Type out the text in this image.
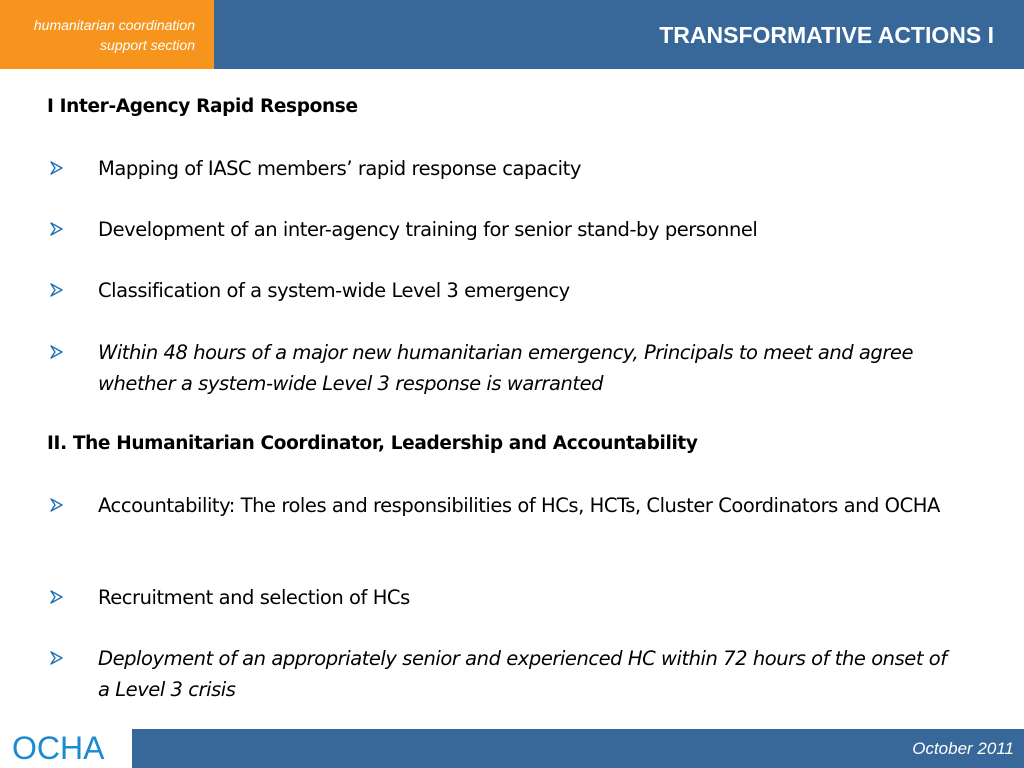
humanitarian coordination support section	TRANSFORMATIVE ACTIONS I
I Inter-Agency Rapid Response
Mapping of IASC members’ rapid response capacity
Development of an inter-agency training for senior stand-by personnel
Classification of a system-wide Level 3 emergency
Within 48 hours of a major new humanitarian emergency, Principals to meet and agree whether a system-wide Level 3 response is warranted
II. The Humanitarian Coordinator, Leadership and Accountability
Accountability: The roles and responsibilities of HCs, HCTs, Cluster Coordinators and OCHA
Recruitment and selection of HCs
Deployment of an appropriately senior and experienced HC within 72 hours of the onset of a Level 3 crisis
OCHA	October 2011
